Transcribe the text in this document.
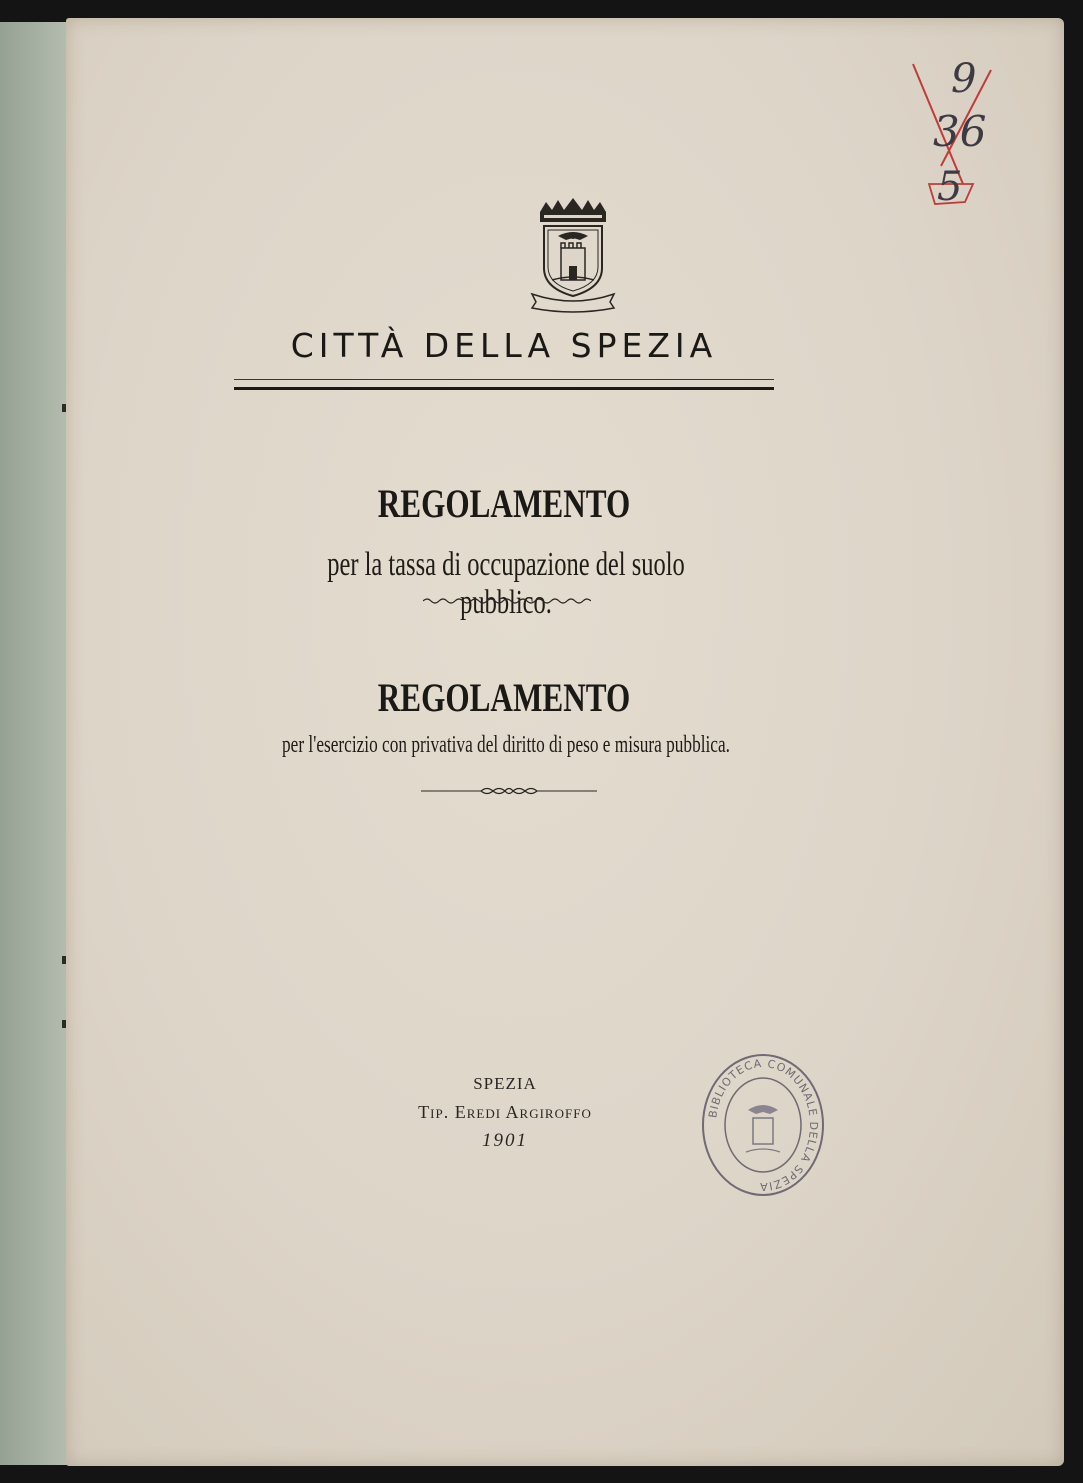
CITTÀ DELLA SPEZIA
REGOLAMENTO
per la tassa di occupazione del suolo pubblico.
REGOLAMENTO
per l'esercizio con privativa del diritto di peso e misura pubblica.
SPEZIA
Tip. Eredi Argiroffo
1901
BIBLIOTECA COMUNALE DELLA SPEZIA
9
36
5
